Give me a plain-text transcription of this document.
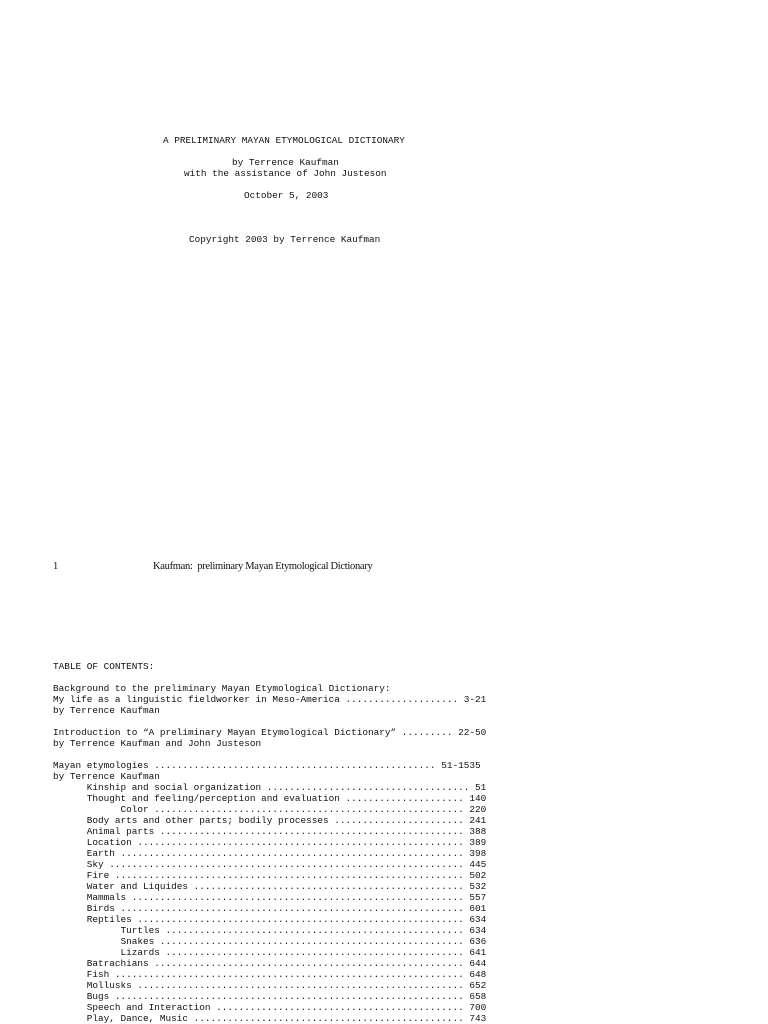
A PRELIMINARY MAYAN ETYMOLOGICAL DICTIONARY
by Terrence Kaufman
with the assistance of John Justeson
October 5, 2003
Copyright 2003 by Terrence Kaufman
1	Kaufman:  preliminary Mayan Etymological Dictionary
TABLE OF CONTENTS:
Background to the preliminary Mayan Etymological Dictionary:
My life as a linguistic fieldworker in Meso-America .................... 3-21
by Terrence Kaufman
Introduction to “A preliminary Mayan Etymological Dictionary” ......... 22-50
by Terrence Kaufman and John Justeson
Mayan etymologies .................................................. 51-1535
by Terrence Kaufman
Kinship and social organization .................................... 51
Thought and feeling/perception and evaluation ..................... 140
Color ....................................................... 220
Body arts and other parts; bodily processes ....................... 241
Animal parts ...................................................... 388
Location .......................................................... 389
Earth ............................................................. 398
Sky ............................................................... 445
Fire .............................................................. 502
Water and Liquides ................................................ 532
Mammals ........................................................... 557
Birds ............................................................. 601
Reptiles .......................................................... 634
Turtles ..................................................... 634
Snakes ...................................................... 636
Lizards ..................................................... 641
Batrachians ....................................................... 644
Fish .............................................................. 648
Mollusks .......................................................... 652
Bugs .............................................................. 658
Speech and Interaction ............................................ 700
Play, Dance, Music ................................................ 743
